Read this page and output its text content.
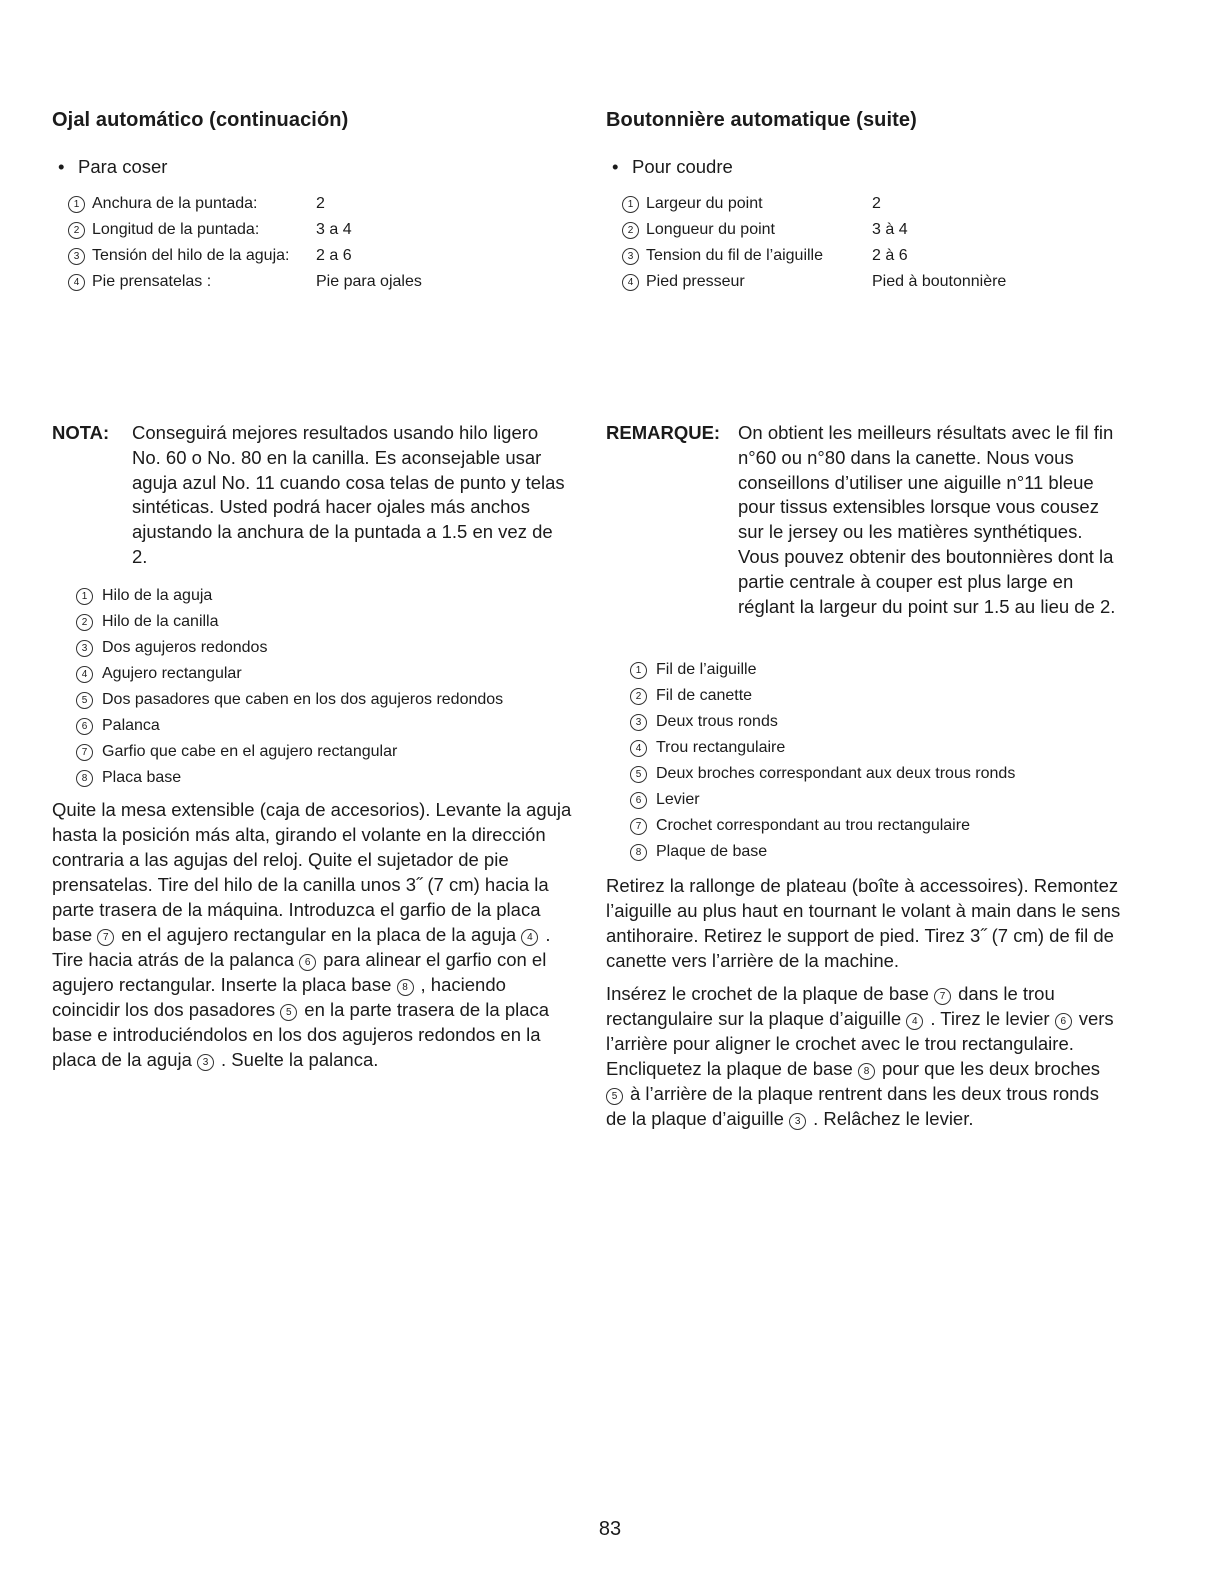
Ojal automático (continuación)
• Para coser
1 Anchura de la puntada:	2
2 Longitud de la puntada:	3 a 4
3 Tensión del hilo de la aguja:	2 a 6
4 Pie prensatelas :	Pie para ojales
NOTA:	Conseguirá mejores resultados usando hilo ligero No. 60 o No. 80 en la canilla. Es aconsejable usar aguja azul No. 11 cuando cosa telas de punto y telas sintéticas. Usted podrá hacer ojales más anchos ajustando la anchura de la puntada a 1.5 en vez de 2.
1 Hilo de la aguja
2 Hilo de la canilla
3 Dos agujeros redondos
4 Agujero rectangular
5 Dos pasadores que caben en los dos agujeros redondos
6 Palanca
7 Garfio que cabe en el agujero rectangular
8 Placa base

Quite la mesa extensible (caja de accesorios). Levante la aguja hasta la posición más alta, girando el volante en la dirección contraria a las agujas del reloj. Quite el sujetador de pie prensatelas. Tire del hilo de la canilla unos 3˝ (7 cm) hacia la parte trasera de la máquina. Introduzca el garfio de la placa base 7 en el agujero rectangular en la placa de la aguja 4 . Tire hacia atrás de la palanca 6 para alinear el garfio con el agujero rectangular. Inserte la placa base 8 , haciendo coincidir los dos pasadores 5 en la parte trasera de la placa base e introduciéndolos en los dos agujeros redondos en la placa de la aguja 3 . Suelte la palanca.

Boutonnière automatique (suite)
• Pour coudre
1 Largeur du point	2
2 Longueur du point	3 à 4
3 Tension du fil de l’aiguille	2 à 6
4 Pied presseur	Pied à boutonnière
REMARQUE: On obtient les meilleurs résultats avec le fil fin n°60 ou n°80 dans la canette. Nous vous conseillons d’utiliser une aiguille n°11 bleue pour tissus extensibles lorsque vous cousez sur le jersey ou les matières synthétiques. Vous pouvez obtenir des boutonnières dont la partie centrale à couper est plus large en réglant la largeur du point sur 1.5 au lieu de 2.
1 Fil de l’aiguille
2 Fil de canette
3 Deux trous ronds
4 Trou rectangulaire
5 Deux broches correspondant aux deux trous ronds
6 Levier
7 Crochet correspondant au trou rectangulaire
8 Plaque de base

Retirez la rallonge de plateau (boîte à accessoires). Remontez l’aiguille au plus haut en tournant le volant à main dans le sens antihoraire. Retirez le support de pied. Tirez 3˝ (7 cm) de fil de canette vers l’arrière de la machine.

Insérez le crochet de la plaque de base 7 dans le trou rectangulaire sur la plaque d’aiguille 4 . Tirez le levier 6 vers l’arrière pour aligner le crochet avec le trou rectangulaire. Encliquetez la plaque de base 8 pour que les deux broches 5 à l’arrière de la plaque rentrent dans les deux trous ronds de la plaque d’aiguille 3 . Relâchez le levier.

83
